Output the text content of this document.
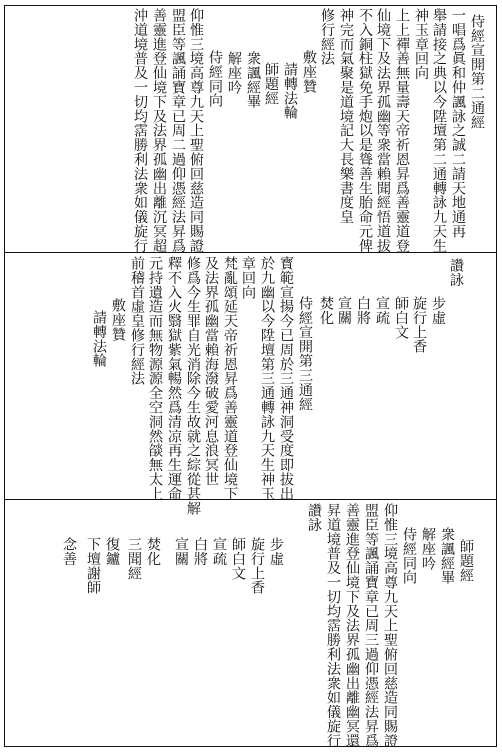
侍經宣開第二通經
一唱爲眞和仲諷詠之誠二請天地通再
舉請接之典以今陞壇第二通轉詠九天生
神玉章回向
上上禪善無量壽天帝祈恩昇爲善靈道登
仙境下及法界孤幽等衆當賴聞經悟道拔
不入銅柱獄免手炮以是聳善生胎命元俾
神完而氣聚是道境記大長樂書度皇
修行經法
敷座贊
請轉法輪
師題經
衆諷經畢
解座吟
侍經同向
仰惟三境高尊九天上聖俯回慈造同賜證
盟臣等諷誦寶章已周二過仰憑經法昇爲
善靈進登仙境下及法界孤幽出離沉冥超
沖道境普及一切均霑勝利法衆如儀旋行
讚詠
步虛
旋行上香
師白文
宣疏
白將
宣關
焚化
侍經宣開第三通經
寳範宣揚今已周於三通神洞受度即拔出
於九幽以今陞壇第三通轉詠九天生神玉
章回向
梵亂頌延天帝祈恩昇爲善靈道登仙境下
及法界孤幽當賴海潑破愛河息浪冥世
修爲今生罪自光消除今生故就之綜從甚解
釋不入火翳獄紫氣暢然爲清凉再生運命
元持遺造而無物源源全空洞然燄無太上
前稽首虛皇修行經法
敷座贊
請轉法輪
師題經
衆諷經畢
解座吟
侍經同向
仰惟三境高尊九天上聖俯回慈造同賜證
盟臣等諷誦寶章已周三過仰憑經法昇爲
善靈進登仙境下及法界孤幽出離幽冥還
昇道境普及一切均霑勝利法衆如儀旋行
讚詠
步虛
旋行上香
師白文
宣疏
白將
宣關
焚化
三聞經
復鑪
下壇謝師
念善
